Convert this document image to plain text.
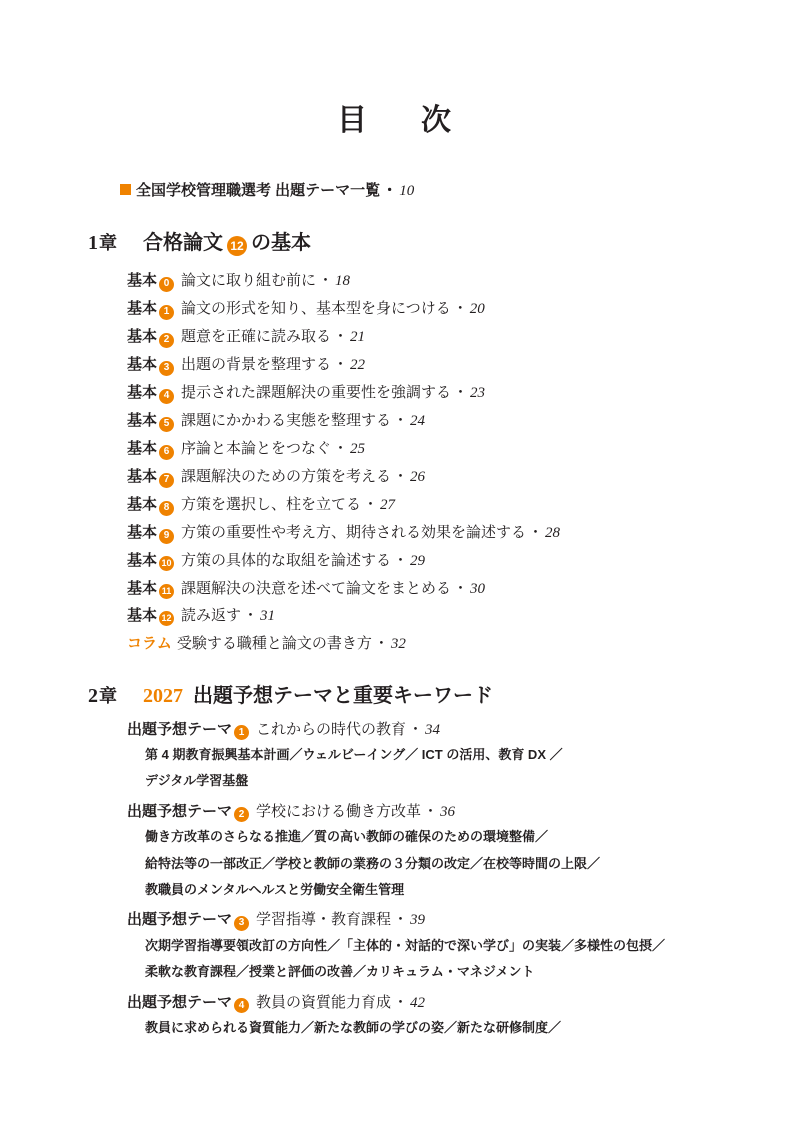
目　次
全国学校管理職選考 出題テーマ一覧 ・ 10
1 章 合格論文 12 の基本
基本 0 論文に取り組む前に ・ 18
基本 1 論文の形式を知り、基本型を身につける ・ 20
基本 2 題意を正確に読み取る ・ 21
基本 3 出題の背景を整理する ・ 22
基本 4 提示された課題解決の重要性を強調する ・ 23
基本 5 課題にかかわる実態を整理する ・ 24
基本 6 序論と本論とをつなぐ ・ 25
基本 7 課題解決のための方策を考える ・ 26
基本 8 方策を選択し、柱を立てる ・ 27
基本 9 方策の重要性や考え方、期待される効果を論述する ・ 28
基本 10 方策の具体的な取組を論述する ・ 29
基本 11 課題解決の決意を述べて論文をまとめる ・ 30
基本 12 読み返す ・ 31
コラム 受験する職種と論文の書き方 ・ 32
2 章 2027 出題予想テーマと重要キーワード
出題予想テーマ 1 これからの時代の教育 ・ 34
第 4 期教育振興基本計画／ウェルビーイング／ ICT の活用、教育 DX ／
デジタル学習基盤
出題予想テーマ 2 学校における働き方改革 ・ 36
働き方改革のさらなる推進／質の高い教師の確保のための環境整備／
給特法等の一部改正／学校と教師の業務の３分類の改定／在校等時間の上限／
教職員のメンタルヘルスと労働安全衛生管理
出題予想テーマ 3 学習指導・教育課程 ・ 39
次期学習指導要領改訂の方向性／「主体的・対話的で深い学び」の実装／多様性の包摂／
柔軟な教育課程／授業と評価の改善／カリキュラム・マネジメント
出題予想テーマ 4 教員の資質能力育成 ・ 42
教員に求められる資質能力／新たな教師の学びの姿／新たな研修制度／
